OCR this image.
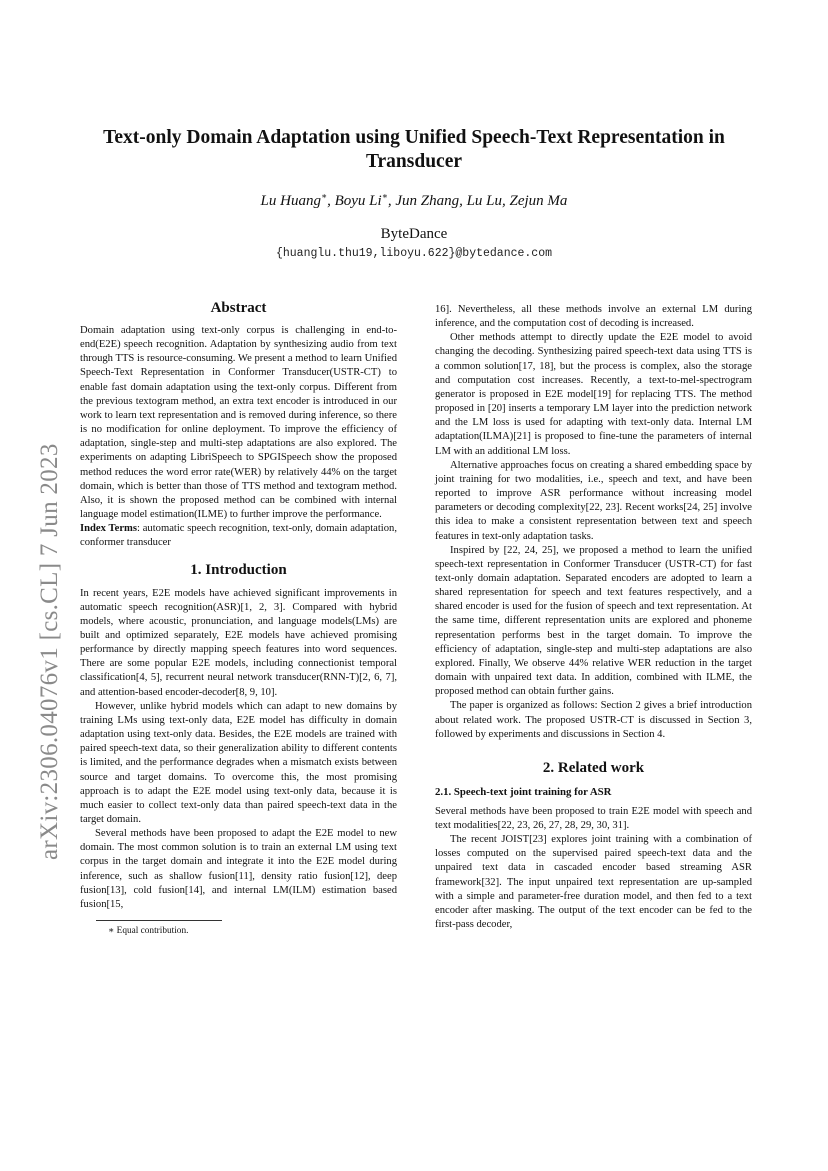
arXiv:2306.04076v1 [cs.CL] 7 Jun 2023
Text-only Domain Adaptation using Unified Speech-Text Representation in Transducer
Lu Huang∗, Boyu Li∗, Jun Zhang, Lu Lu, Zejun Ma
ByteDance
{huanglu.thu19,liboyu.622}@bytedance.com
Abstract

Domain adaptation using text-only corpus is challenging in end-to-end(E2E) speech recognition. Adaptation by synthesizing audio from text through TTS is resource-consuming. We present a method to learn Unified Speech-Text Representation in Conformer Transducer(USTR-CT) to enable fast domain adaptation using the text-only corpus. Different from the previous textogram method, an extra text encoder is introduced in our work to learn text representation and is removed during inference, so there is no modification for online deployment. To improve the efficiency of adaptation, single-step and multi-step adaptations are also explored. The experiments on adapting LibriSpeech to SPGISpeech show the proposed method reduces the word error rate(WER) by relatively 44% on the target domain, which is better than those of TTS method and textogram method. Also, it is shown the proposed method can be combined with internal language model estimation(ILME) to further improve the performance.

Index Terms: automatic speech recognition, text-only, domain adaptation, conformer transducer

1. Introduction

In recent years, E2E models have achieved significant improvements in automatic speech recognition(ASR)[1, 2, 3]. Compared with hybrid models, where acoustic, pronunciation, and language models(LMs) are built and optimized separately, E2E models have achieved promising performance by directly mapping speech features into word sequences. There are some popular E2E models, including connectionist temporal classification[4, 5], recurrent neural network transducer(RNN-T)[2, 6, 7], and attention-based encoder-decoder[8, 9, 10].

However, unlike hybrid models which can adapt to new domains by training LMs using text-only data, E2E model has difficulty in domain adaptation using text-only data. Besides, the E2E models are trained with paired speech-text data, so their generalization ability to different contents is limited, and the performance degrades when a mismatch exists between source and target domains. To overcome this, the most promising approach is to adapt the E2E model using text-only data, because it is much easier to collect text-only data than paired speech-text data in the target domain.

Several methods have been proposed to adapt the E2E model to new domain. The most common solution is to train an external LM using text corpus in the target domain and integrate it into the E2E model during inference, such as shallow fusion[11], density ratio fusion[12], deep fusion[13], cold fusion[14], and internal LM(ILM) estimation based fusion[15,

∗ Equal contribution.

16]. Nevertheless, all these methods involve an external LM during inference, and the computation cost of decoding is increased.

Other methods attempt to directly update the E2E model to avoid changing the decoding. Synthesizing paired speech-text data using TTS is a common solution[17, 18], but the process is complex, also the storage and computation cost increases. Recently, a text-to-mel-spectrogram generator is proposed in E2E model[19] for replacing TTS. The method proposed in [20] inserts a temporary LM layer into the prediction network and the LM loss is used for adapting with text-only data. Internal LM adaptation(ILMA)[21] is proposed to fine-tune the parameters of internal LM with an additional LM loss.

Alternative approaches focus on creating a shared embedding space by joint training for two modalities, i.e., speech and text, and have been reported to improve ASR performance without increasing model parameters or decoding complexity[22, 23]. Recent works[24, 25] involve this idea to make a consistent representation between text and speech features in text-only adaptation tasks.

Inspired by [22, 24, 25], we proposed a method to learn the unified speech-text representation in Conformer Transducer (USTR-CT) for fast text-only domain adaptation. Separated encoders are adopted to learn a shared representation for speech and text features respectively, and a shared encoder is used for the fusion of speech and text representation. At the same time, different representation units are explored and phoneme representation performs best in the target domain. To improve the efficiency of adaptation, single-step and multi-step adaptations are also explored. Finally, We observe 44% relative WER reduction in the target domain with unpaired text data. In addition, combined with ILME, the proposed method can obtain further gains.

The paper is organized as follows: Section 2 gives a brief introduction about related work. The proposed USTR-CT is discussed in Section 3, followed by experiments and discussions in Section 4.

2. Related work
2.1. Speech-text joint training for ASR

Several methods have been proposed to train E2E model with speech and text modalities[22, 23, 26, 27, 28, 29, 30, 31].

The recent JOIST[23] explores joint training with a combination of losses computed on the supervised paired speech-text data and the unpaired text data in cascaded encoder based streaming ASR framework[32]. The input unpaired text representation are up-sampled with a simple and parameter-free duration model, and then fed to a text encoder after masking. The output of the text encoder can be fed to the first-pass decoder,
